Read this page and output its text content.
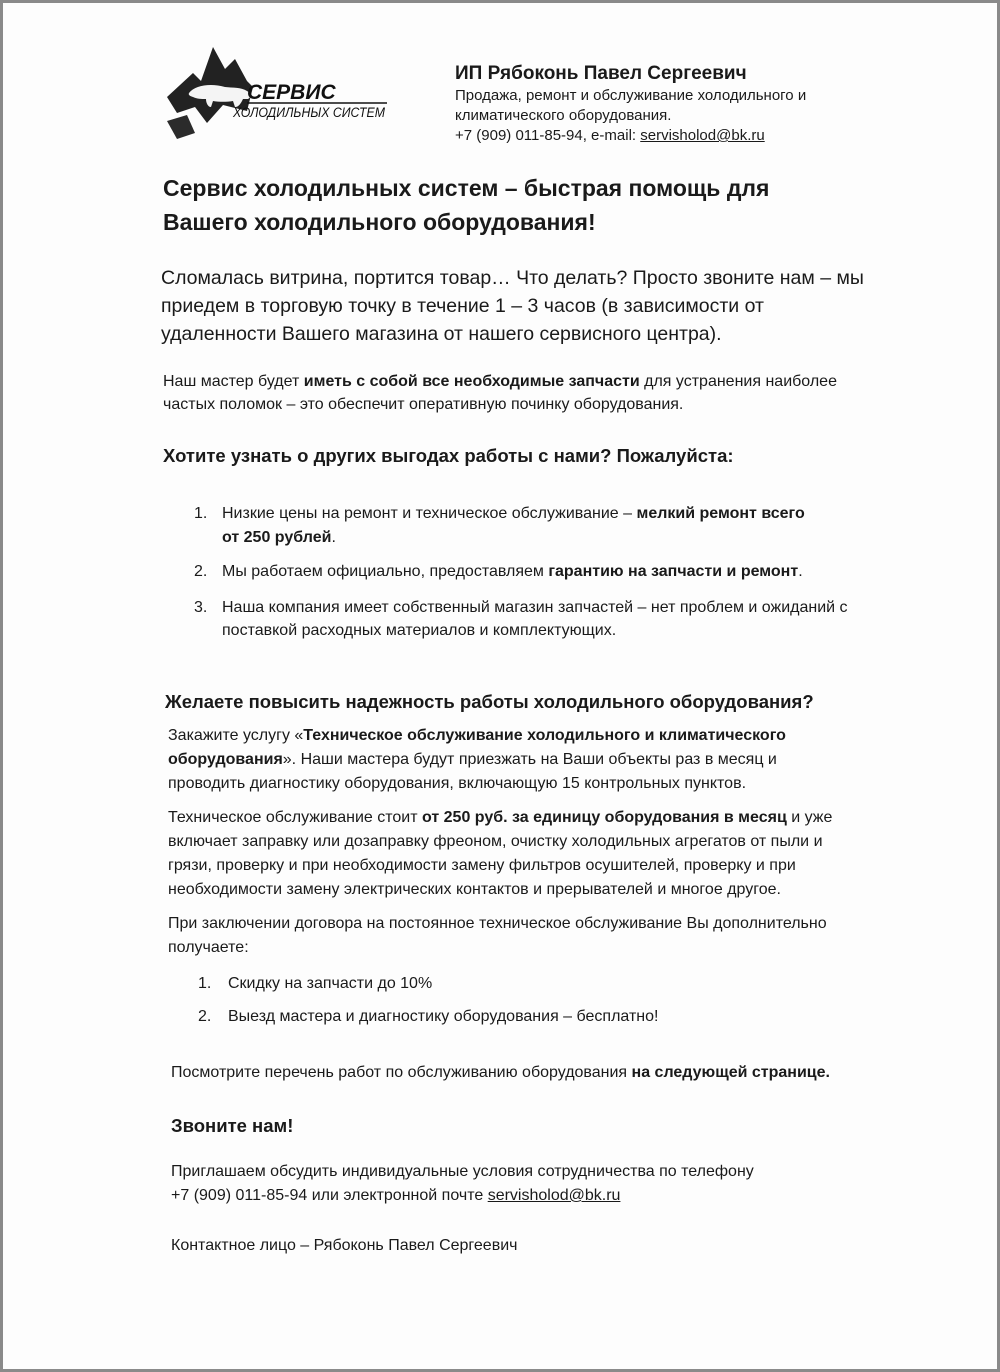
СЕРВИС
ХОЛОДИЛЬНЫХ СИСТЕМ
ИП Рябоконь Павел Сергеевич
Продажа, ремонт и обслуживание холодильного и
климатического оборудования.
+7 (909) 011-85-94, e-mail: servisholod@bk.ru
Сервис холодильных систем – быстрая помощь для
Вашего холодильного оборудования!
Сломалась витрина, портится товар… Что делать? Просто звоните нам – мы
приедем в торговую точку в течение 1 – 3 часов (в зависимости от
удаленности Вашего магазина от нашего сервисного центра).
Наш мастер будет иметь с собой все необходимые запчасти для устранения наиболее
частых поломок – это обеспечит оперативную починку оборудования.
Хотите узнать о других выгодах работы с нами? Пожалуйста:
1. Низкие цены на ремонт и техническое обслуживание – мелкий ремонт всего
от 250 рублей.
2. Мы работаем официально, предоставляем гарантию на запчасти и ремонт.
3. Наша компания имеет собственный магазин запчастей – нет проблем и ожиданий с
поставкой расходных материалов и комплектующих.
Желаете повысить надежность работы холодильного оборудования?
Закажите услугу «Техническое обслуживание холодильного и климатического
оборудования». Наши мастера будут приезжать на Ваши объекты раз в месяц и
проводить диагностику оборудования, включающую 15 контрольных пунктов.
Техническое обслуживание стоит от 250 руб. за единицу оборудования в месяц и уже
включает заправку или дозаправку фреоном, очистку холодильных агрегатов от пыли и
грязи, проверку и при необходимости замену фильтров осушителей, проверку и при
необходимости замену электрических контактов и прерывателей и многое другое.
При заключении договора на постоянное техническое обслуживание Вы дополнительно
получаете:
1. Скидку на запчасти до 10%
2. Выезд мастера и диагностику оборудования – бесплатно!
Посмотрите перечень работ по обслуживанию оборудования на следующей странице.
Звоните нам!
Приглашаем обсудить индивидуальные условия сотрудничества по телефону
+7 (909) 011-85-94 или электронной почте servisholod@bk.ru
Контактное лицо – Рябоконь Павел Сергеевич
